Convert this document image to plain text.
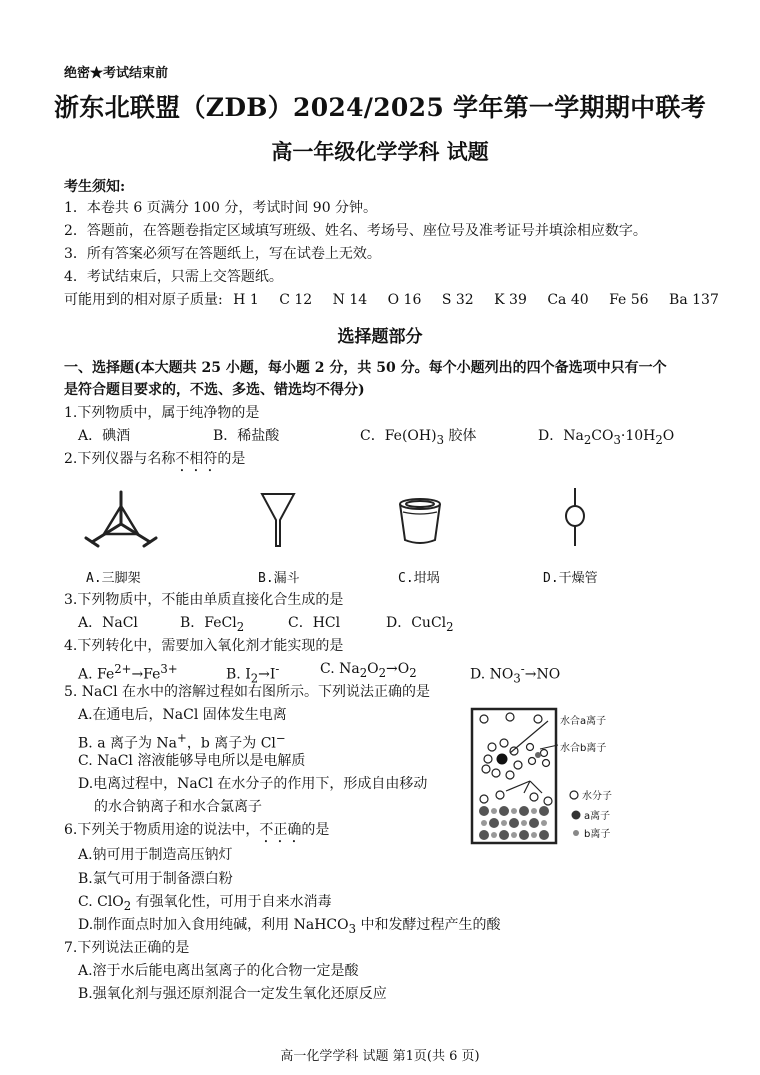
绝密★考试结束前
浙东北联盟（ZDB）2024/2025 学年第一学期期中联考
高一年级化学学科 试题
考生须知:
1．本卷共 6 页满分 100 分，考试时间 90 分钟。
2．答题前，在答题卷指定区域填写班级、姓名、考场号、座位号及准考证号并填涂相应数字。
3．所有答案必须写在答题纸上，写在试卷上无效。
4．考试结束后，只需上交答题纸。
可能用到的相对原子质量: H 1 C 12 N 14 O 16 S 32 K 39 Ca 40 Fe 56 Ba 137
选择题部分
一、选择题(本大题共 25 小题，每小题 2 分，共 50 分。每个小题列出的四个备选项中只有一个
是符合题目要求的，不选、多选、错选均不得分)
1.下列物质中，属于纯净物的是
A．碘酒	B．稀盐酸	C．$Fe(OH)_3$ 胶体	D．$Na_2CO_3\cdot 10H_2O$
2.下列仪器与名称不相符的是
A.三脚架	B.漏斗	C.坩埚	D.干燥管
3.下列物质中，不能由单质直接化合生成的是
A．NaCl	B．FeCl$_2$	C．HCl	D．CuCl$_2$
4.下列转化中，需要加入氧化剂才能实现的是
A. $Fe^{2+}\to Fe^{3+}$	B. $I_2\to I^-$	C. $Na_2O_2\to O_2$	D. $NO_3^-\to NO$
5. NaCl 在水中的溶解过程如右图所示。下列说法正确的是
A.在通电后，NaCl 固体发生电离
B. a 离子为 Na+，b 离子为 Cl−
C. NaCl 溶液能够导电所以是电解质
D.电离过程中，NaCl 在水分子的作用下，形成自由移动
的水合钠离子和水合氯离子
水合a离子
水合b离子
水分子
a离子
b离子
6.下列关于物质用途的说法中，不正确的是
A.钠可用于制造高压钠灯
B.氯气可用于制备漂白粉
C. ClO$_2$ 有强氧化性，可用于自来水消毒
D.制作面点时加入食用纯碱，利用 NaHCO$_3$ 中和发酵过程产生的酸
7.下列说法正确的是
A.溶于水后能电离出氢离子的化合物一定是酸
B.强氧化剂与强还原剂混合一定发生氧化还原反应
高一化学学科 试题 第1页(共 6 页)
